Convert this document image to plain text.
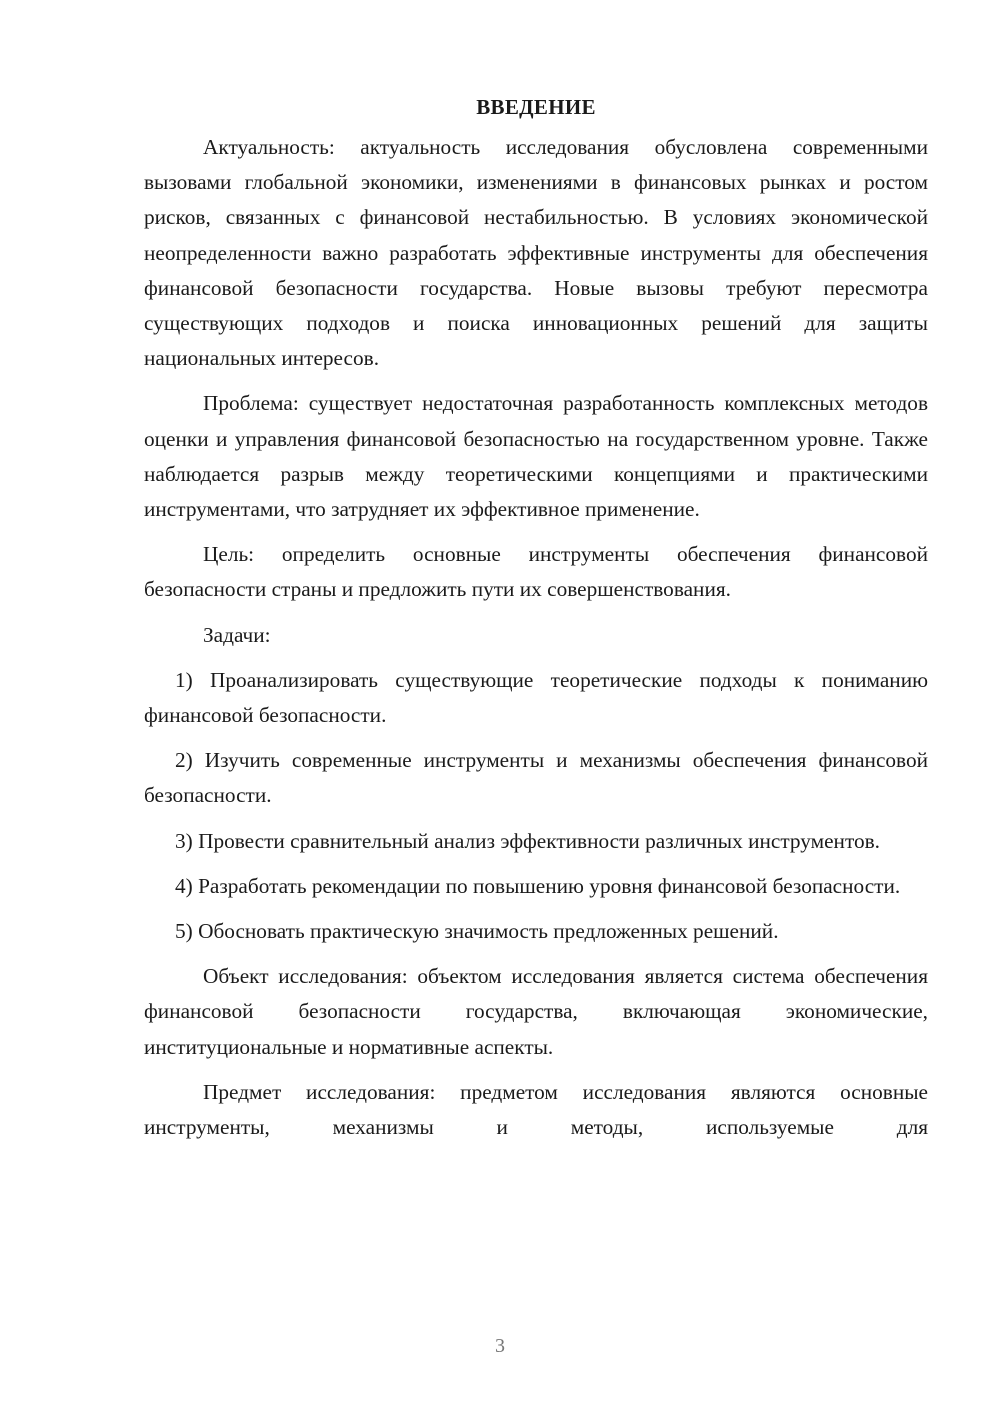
ВВЕДЕНИЕ

Актуальность: актуальность исследования обусловлена современными вызовами глобальной экономики, изменениями в финансовых рынках и ростом рисков, связанных с финансовой нестабильностью. В условиях экономической неопределенности важно разработать эффективные инструменты для обеспечения финансовой безопасности государства. Новые вызовы требуют пересмотра существующих подходов и поиска инновационных решений для защиты национальных интересов.

Проблема: существует недостаточная разработанность комплексных методов оценки и управления финансовой безопасностью на государственном уровне. Также наблюдается разрыв между теоретическими концепциями и практическими инструментами, что затрудняет их эффективное применение.

Цель: определить основные инструменты обеспечения финансовой безопасности страны и предложить пути их совершенствования.

Задачи:

1) Проанализировать существующие теоретические подходы к пониманию финансовой безопасности.

2) Изучить современные инструменты и механизмы обеспечения финансовой безопасности.

3) Провести сравнительный анализ эффективности различных инструментов.

4) Разработать рекомендации по повышению уровня финансовой безопасности.

5) Обосновать практическую значимость предложенных решений.

Объект исследования: объектом исследования является система обеспечения финансовой безопасности государства, включающая экономические, институциональные и нормативные аспекты.

Предмет исследования: предметом исследования являются основные инструменты, механизмы и методы, используемые для

3
